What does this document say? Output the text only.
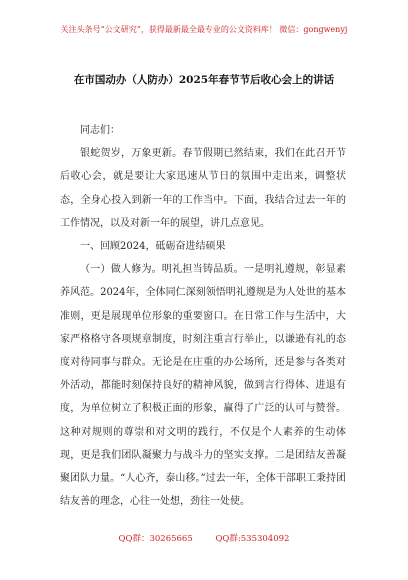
关注头条号“公文研究”，获得最新最全最专业的公文资料库！ 微信：gongwenyj
在市国动办（人防办）2025年春节节后收心会上的讲话

同志们：

银蛇贺岁，万象更新。春节假期已然结束，我们在此召开节后收心会，就是要让大家迅速从节日的氛围中走出来，调整状态，全身心投入到新一年的工作当中。下面，我结合过去一年的工作情况，以及对新一年的展望，讲几点意见。

一、回顾2024，砥砺奋进结硕果

（一）做人修为。明礼担当铸品质。一是明礼遵规，彰显素养风范。2024年，全体同仁深刻领悟明礼遵规是为人处世的基本准则，更是展现单位形象的重要窗口。在日常工作与生活中，大家严格格守各项规章制度，时刻注重言行举止，以谦逊有礼的态度对待同事与群众。无论是在庄重的办公场所，还是参与各类对外活动，都能时刻保持良好的精神风貌，做到言行得体、进退有度，为单位树立了积极正面的形象，赢得了广泛的认可与赞誉。这种对规则的尊崇和对文明的践行，不仅是个人素养的生动体现，更是我们团队凝聚力与战斗力的坚实支撑。二是团结友善凝聚团队力量。“人心齐，泰山移。”过去一年，全体干部职工秉持团结友善的理念，心往一处想，劲往一处使。

QQ群：30265665	QQ群:535304092
